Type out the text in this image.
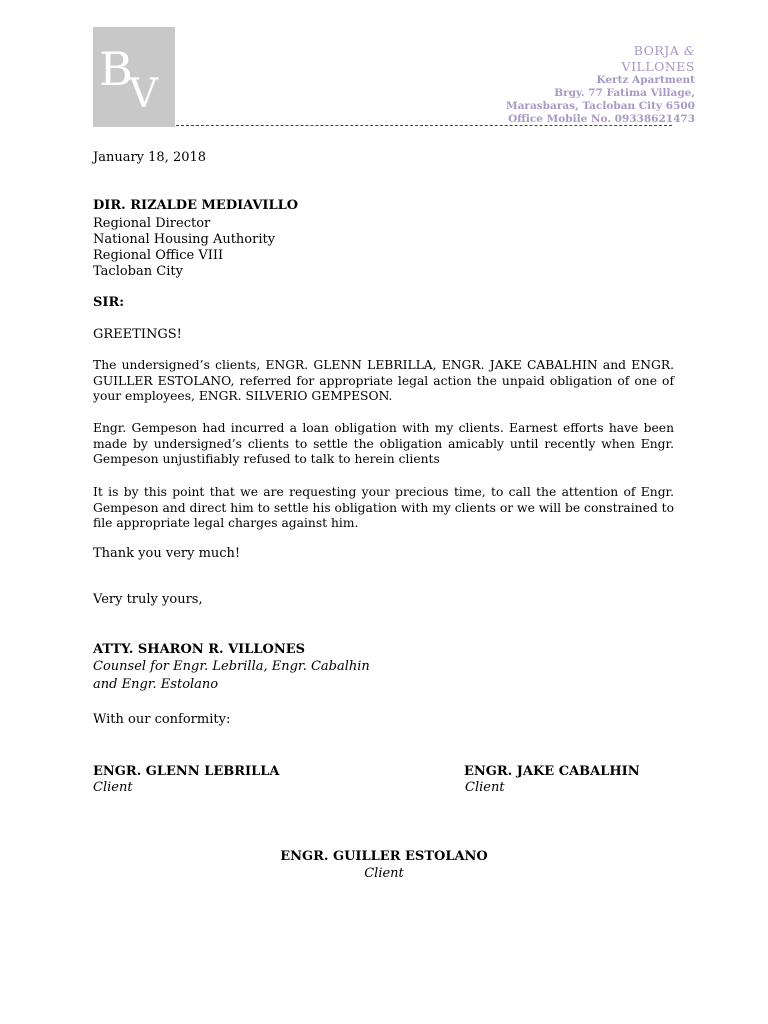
B
V
BORJA &
VILLONES
Kertz Apartment
Brgy. 77 Fatima Village,
Marasbaras, Tacloban City 6500
Office Mobile No. 09338621473
January 18, 2018
DIR. RIZALDE MEDIAVILLO
Regional Director
National Housing Authority
Regional Office VIII
Tacloban City
SIR:
GREETINGS!
The undersigned’s clients, ENGR. GLENN LEBRILLA, ENGR. JAKE CABALHIN and ENGR. GUILLER ESTOLANO, referred for appropriate legal action the unpaid obligation of one of your employees, ENGR. SILVERIO GEMPESON.
Engr. Gempeson had incurred a loan obligation with my clients. Earnest efforts have been made by undersigned’s clients to settle the obligation amicably until recently when Engr. Gempeson unjustifiably refused to talk to herein clients
It is by this point that we are requesting your precious time, to call the attention of Engr. Gempeson and direct him to settle his obligation with my clients or we will be constrained to file appropriate legal charges against him.
Thank you very much!
Very truly yours,
ATTY. SHARON R. VILLONES
Counsel for Engr. Lebrilla, Engr. Cabalhin
and Engr. Estolano
With our conformity:
ENGR. GLENN LEBRILLA
Client
ENGR. JAKE CABALHIN
Client
ENGR. GUILLER ESTOLANO
Client
